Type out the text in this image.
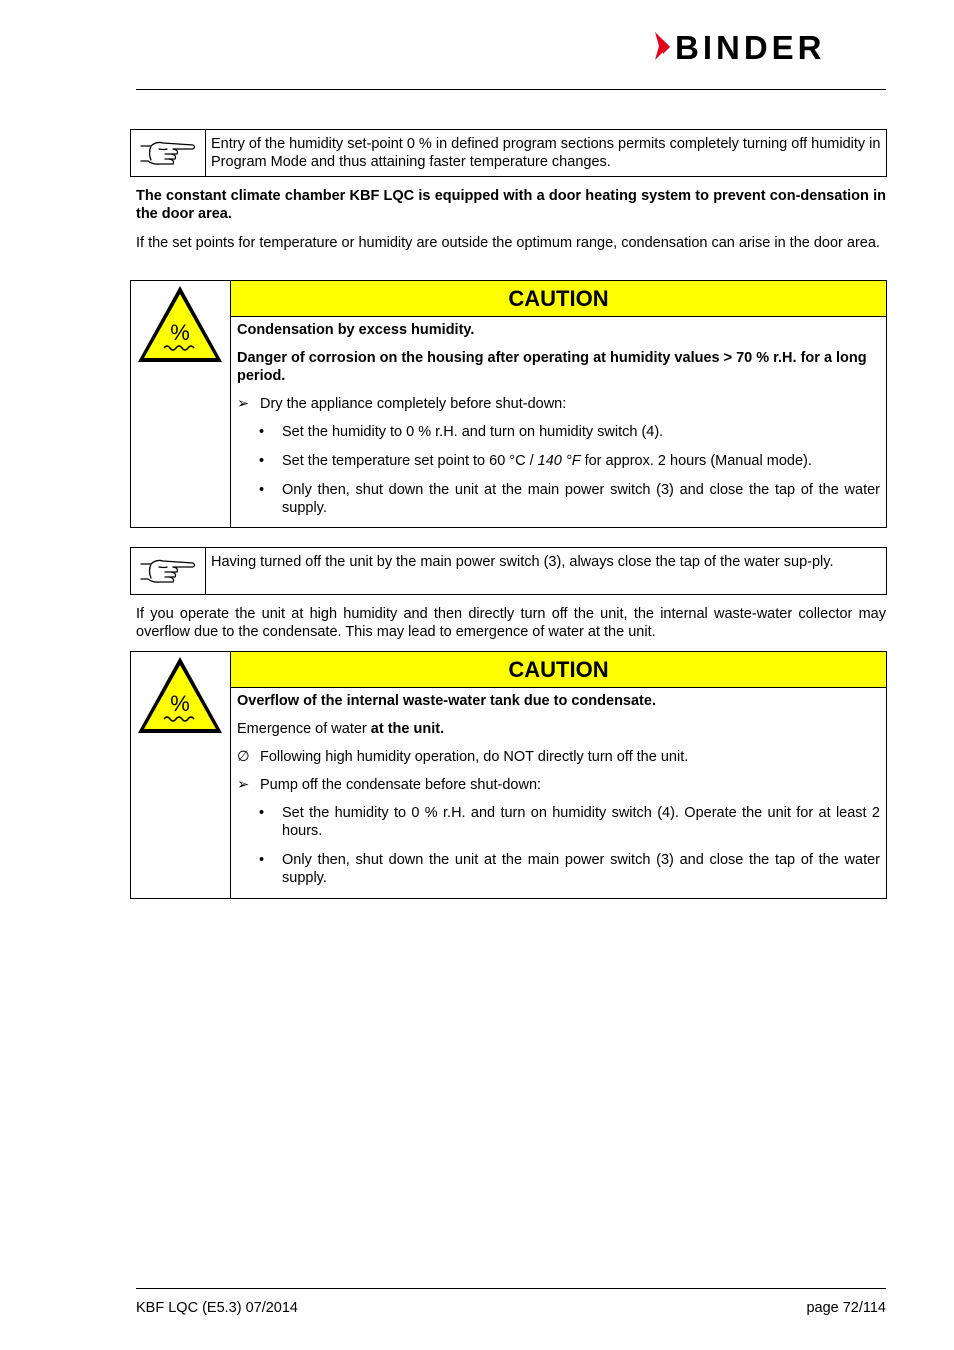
BINDER
Entry of the humidity set-point 0 % in defined program sections permits completely turning off humidity in Program Mode and thus attaining faster temperature changes.
The constant climate chamber KBF LQC is equipped with a door heating system to prevent con-densation in the door area.
If the set points for temperature or humidity are outside the optimum range, condensation can arise in the door area.
%
CAUTION

Condensation by excess humidity.

Danger of corrosion on the housing after operating at humidity values > 70 % r.H. for a long period.

➢ Dry the appliance completely before shut-down:
•	Set the humidity to 0 % r.H. and turn on humidity switch (4).
•	Set the temperature set point to 60 °C / 140 °F for approx. 2 hours (Manual mode).
•	Only then, shut down the unit at the main power switch (3) and close the tap of the water supply.
Having turned off the unit by the main power switch (3), always close the tap of the water sup-ply.
If you operate the unit at high humidity and then directly turn off the unit, the internal waste-water collector may overflow due to the condensate. This may lead to emergence of water at the unit.
%
CAUTION

Overflow of the internal waste-water tank due to condensate.

Emergence of water at the unit.

∅ Following high humidity operation, do NOT directly turn off the unit.
➢ Pump off the condensate before shut-down:
•	Set the humidity to 0 % r.H. and turn on humidity switch (4). Operate the unit for at least 2 hours.
•	Only then, shut down the unit at the main power switch (3) and close the tap of the water supply.
KBF LQC (E5.3) 07/2014	page 72/114
